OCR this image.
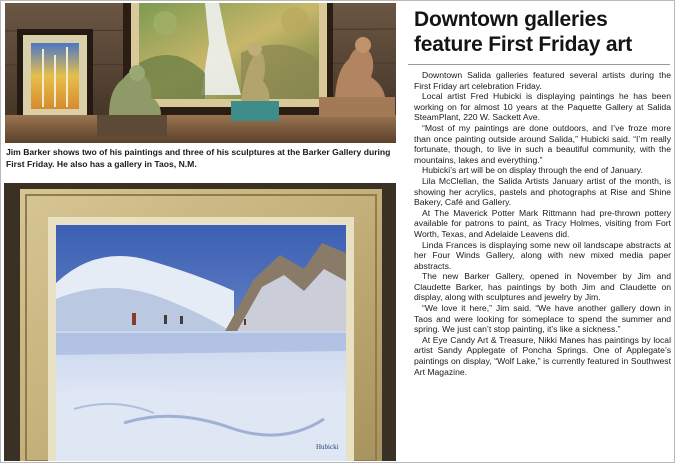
Jim Barker shows two of his paintings and three of his sculptures at the Barker Gallery during First Friday. He also has a gallery in Taos, N.M.

Hubicki
Downtown galleries feature First Friday art

Downtown Salida galleries featured several artists during the First Friday art celebration Friday.

Local artist Fred Hubicki is displaying paintings he has been working on for almost 10 years at the Paquette Gallery at Salida SteamPlant, 220 W. Sackett Ave.

“Most of my paintings are done outdoors, and I’ve froze more than once painting outside around Salida,” Hubicki said. “I’m really fortunate, though, to live in such a beautiful community, with the mountains, lakes and everything.”

Hubicki’s art will be on display through the end of January.

Lila McClellan, the Salida Artists January artist of the month, is showing her acrylics, pastels and photographs at Rise and Shine Bakery, Café and Gallery.

At The Maverick Potter Mark Rittmann had pre-thrown pottery available for patrons to paint, as Tracy Holmes, visiting from Fort Worth, Texas, and Adelaide Leavens did.

Linda Frances is displaying some new oil landscape abstracts at her Four Winds Gallery, along with new mixed media paper abstracts.

The new Barker Gallery, opened in November by Jim and Claudette Barker, has paintings by both Jim and Claudette on display, along with sculptures and jewelry by Jim.

“We love it here,” Jim said. “We have another gallery down in Taos and were looking for someplace to spend the summer and spring. We just can’t stop painting, it’s like a sickness.”

At Eye Candy Art & Treasure, Nikki Manes has paintings by local artist Sandy Applegate of Poncha Springs. One of Applegate’s paintings on display, “Wolf Lake,” is currently featured in Southwest Art Magazine.
